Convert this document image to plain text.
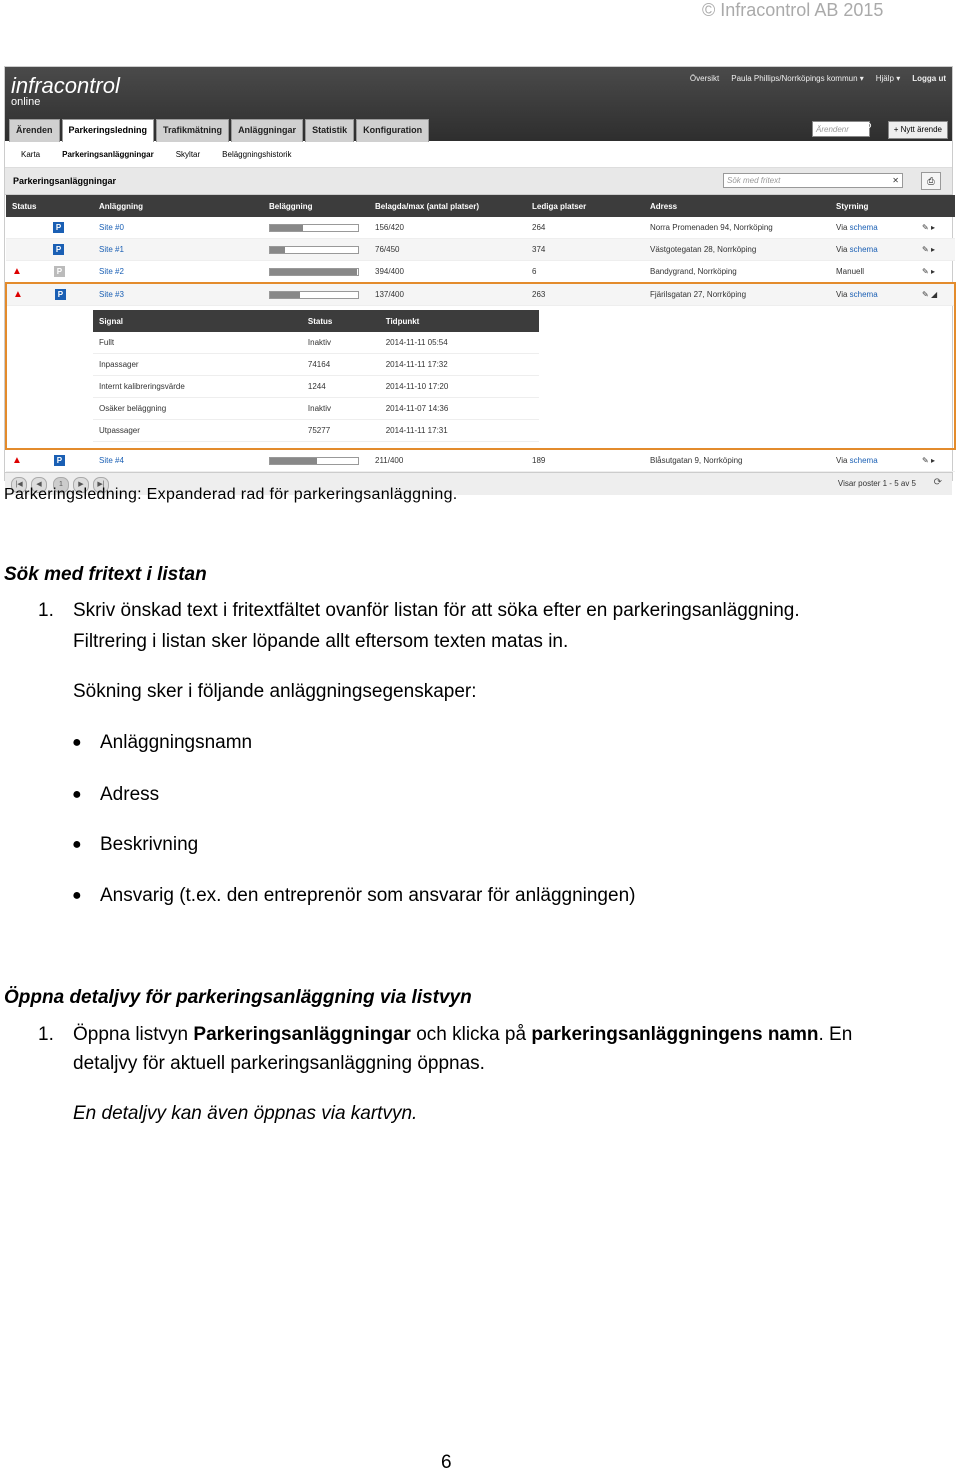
© Infracontrol AB 2015
infracontrol
online
Översikt Paula Phillips/Norrköpings kommun ▾ Hjälp ▾ Logga ut
Ärenden	Parkeringsledning	Trafikmätning	Anläggningar	Statistik	Konfiguration	Ärendenr	⚲	+ Nytt ärende
Karta	Parkeringsanläggningar	Skyltar	Beläggningshistorik
Parkeringsanläggningar	Sök med fritext	✕	⎙
Status	Anläggning	Beläggning	Belagda/max (antal platser)	Lediga platser	Adress	Styrning	
P	Site #0		156/420	264	Norra Promenaden 94, Norrköping	Via schema	✎ ▸
P	Site #1		76/450	374	Västgotegatan 28, Norrköping	Via schema	✎ ▸
▲	P	Site #2		394/400	6	Bandygrand, Norrköping	Manuell	✎ ▸
▲	P	Site #3		137/400	263	Fjärilsgatan 27, Norrköping	Via schema	✎ ◢

Signal	Status	Tidpunkt
Fullt	Inaktiv	2014-11-11 05:54
Inpassager	74164	2014-11-11 17:32
Internt kalibreringsvärde	1244	2014-11-10 17:20
Osäker beläggning	Inaktiv	2014-11-07 14:36
Utpassager	75277	2014-11-11 17:31

▲	P	Site #4		211/400	189	Blåsutgatan 9, Norrköping	Via schema	✎ ▸
|◀	◀	1	▶	▶|	Visar poster 1 - 5 av 5 ⟳
Parkeringsledning: Expanderad rad för parkeringsanläggning.
Sök med fritext i listan
1. Skriv önskad text i fritextfältet ovanför listan för att söka efter en parkeringsanläggning.
Filtrering i listan sker löpande allt eftersom texten matas in.
Sökning sker i följande anläggningsegenskaper:
● Anläggningsnamn
● Adress
● Beskrivning
● Ansvarig (t.ex. den entreprenör som ansvarar för anläggningen)
Öppna detaljvy för parkeringsanläggning via listvyn
1. Öppna listvyn Parkeringsanläggningar och klicka på parkeringsanläggningens namn. En
detaljvy för aktuell parkeringsanläggning öppnas.
En detaljvy kan även öppnas via kartvyn.
6
